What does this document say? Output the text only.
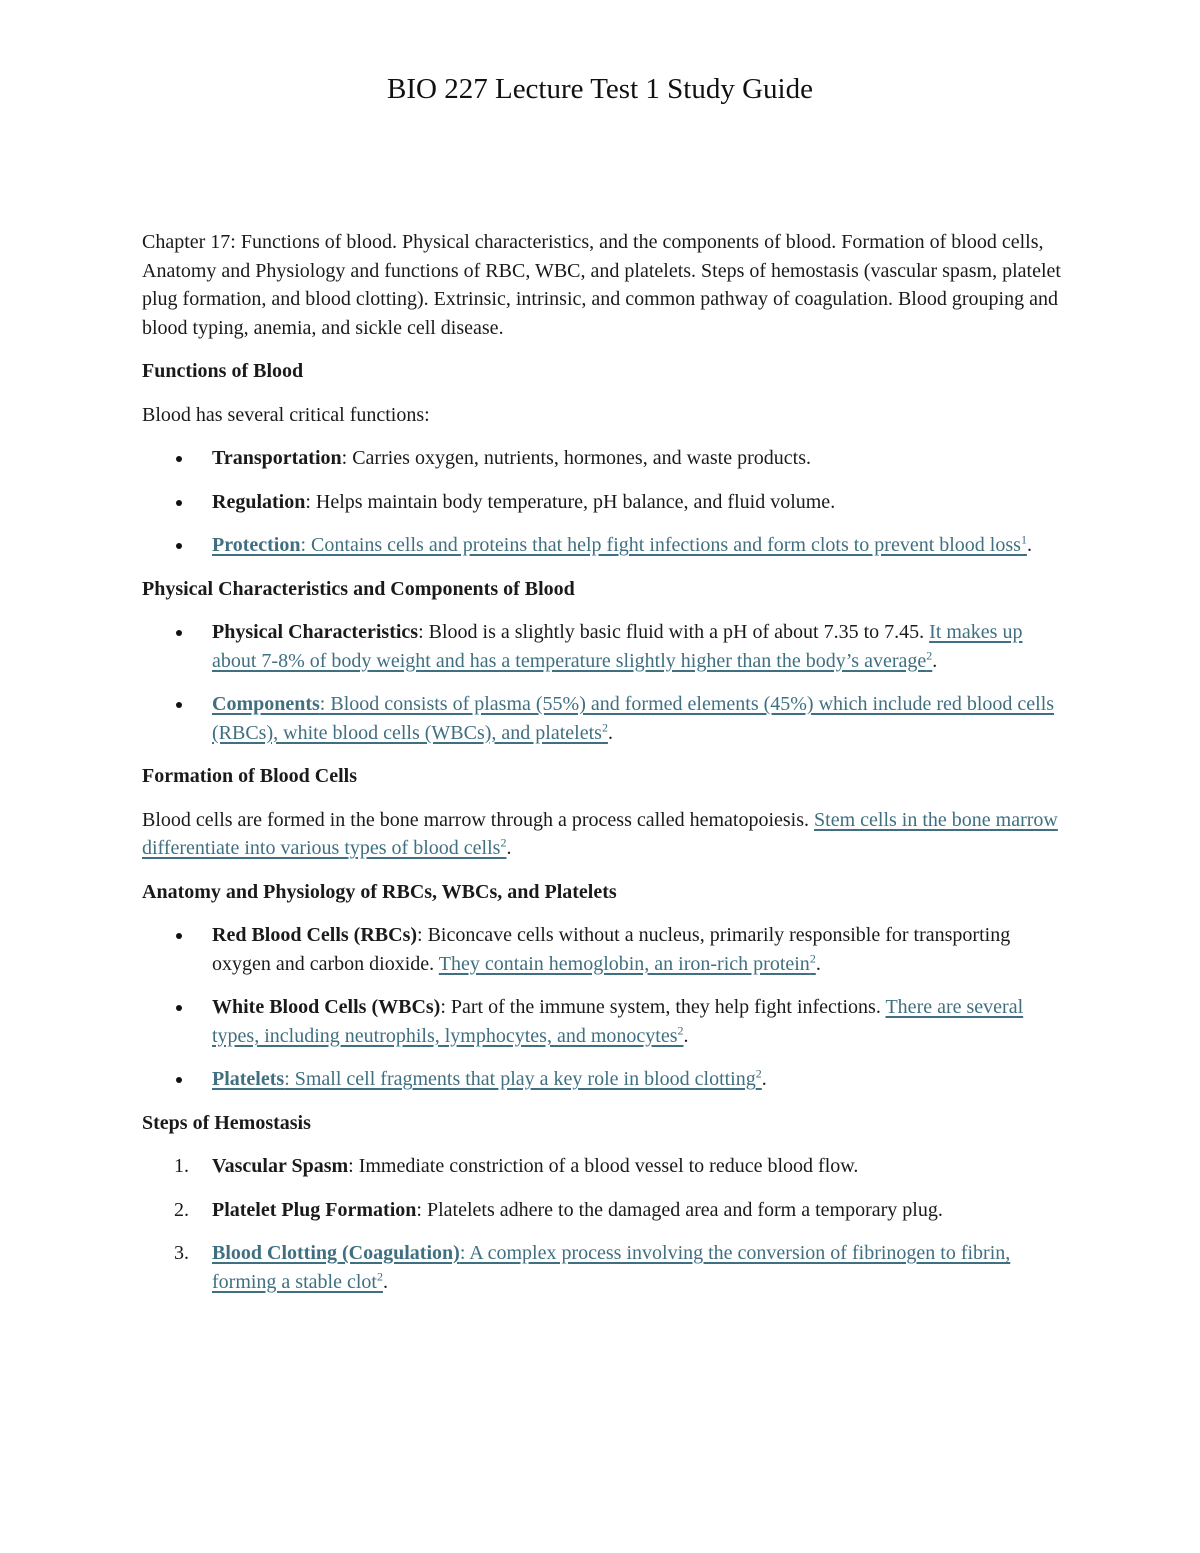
BIO 227 Lecture Test 1 Study Guide

Chapter 17: Functions of blood. Physical characteristics, and the components of blood. Formation of blood cells, Anatomy and Physiology and functions of RBC, WBC, and platelets. Steps of hemostasis (vascular spasm, platelet plug formation, and blood clotting). Extrinsic, intrinsic, and common pathway of coagulation. Blood grouping and blood typing, anemia, and sickle cell disease.

Functions of Blood

Blood has several critical functions:

Transportation: Carries oxygen, nutrients, hormones, and waste products.
Regulation: Helps maintain body temperature, pH balance, and fluid volume.
Protection: Contains cells and proteins that help fight infections and form clots to prevent blood loss$^1$.
Physical Characteristics and Components of Blood
Physical Characteristics: Blood is a slightly basic fluid with a pH of about 7.35 to 7.45. It makes up about 7-8% of body weight and has a temperature slightly higher than the body’s average$^2$.
Components: Blood consists of plasma (55%) and formed elements (45%) which include red blood cells (RBCs), white blood cells (WBCs), and platelets$^2$.
Formation of Blood Cells

Blood cells are formed in the bone marrow through a process called hematopoiesis. Stem cells in the bone marrow differentiate into various types of blood cells$^2$.

Anatomy and Physiology of RBCs, WBCs, and Platelets
Red Blood Cells (RBCs): Biconcave cells without a nucleus, primarily responsible for transporting oxygen and carbon dioxide. They contain hemoglobin, an iron-rich protein$^2$.
White Blood Cells (WBCs): Part of the immune system, they help fight infections. There are several types, including neutrophils, lymphocytes, and monocytes$^2$.
Platelets: Small cell fragments that play a key role in blood clotting$^2$.
Steps of Hemostasis
1. Vascular Spasm: Immediate constriction of a blood vessel to reduce blood flow.
2. Platelet Plug Formation: Platelets adhere to the damaged area and form a temporary plug.
3. Blood Clotting (Coagulation): A complex process involving the conversion of fibrinogen to fibrin, forming a stable clot$^2$.
